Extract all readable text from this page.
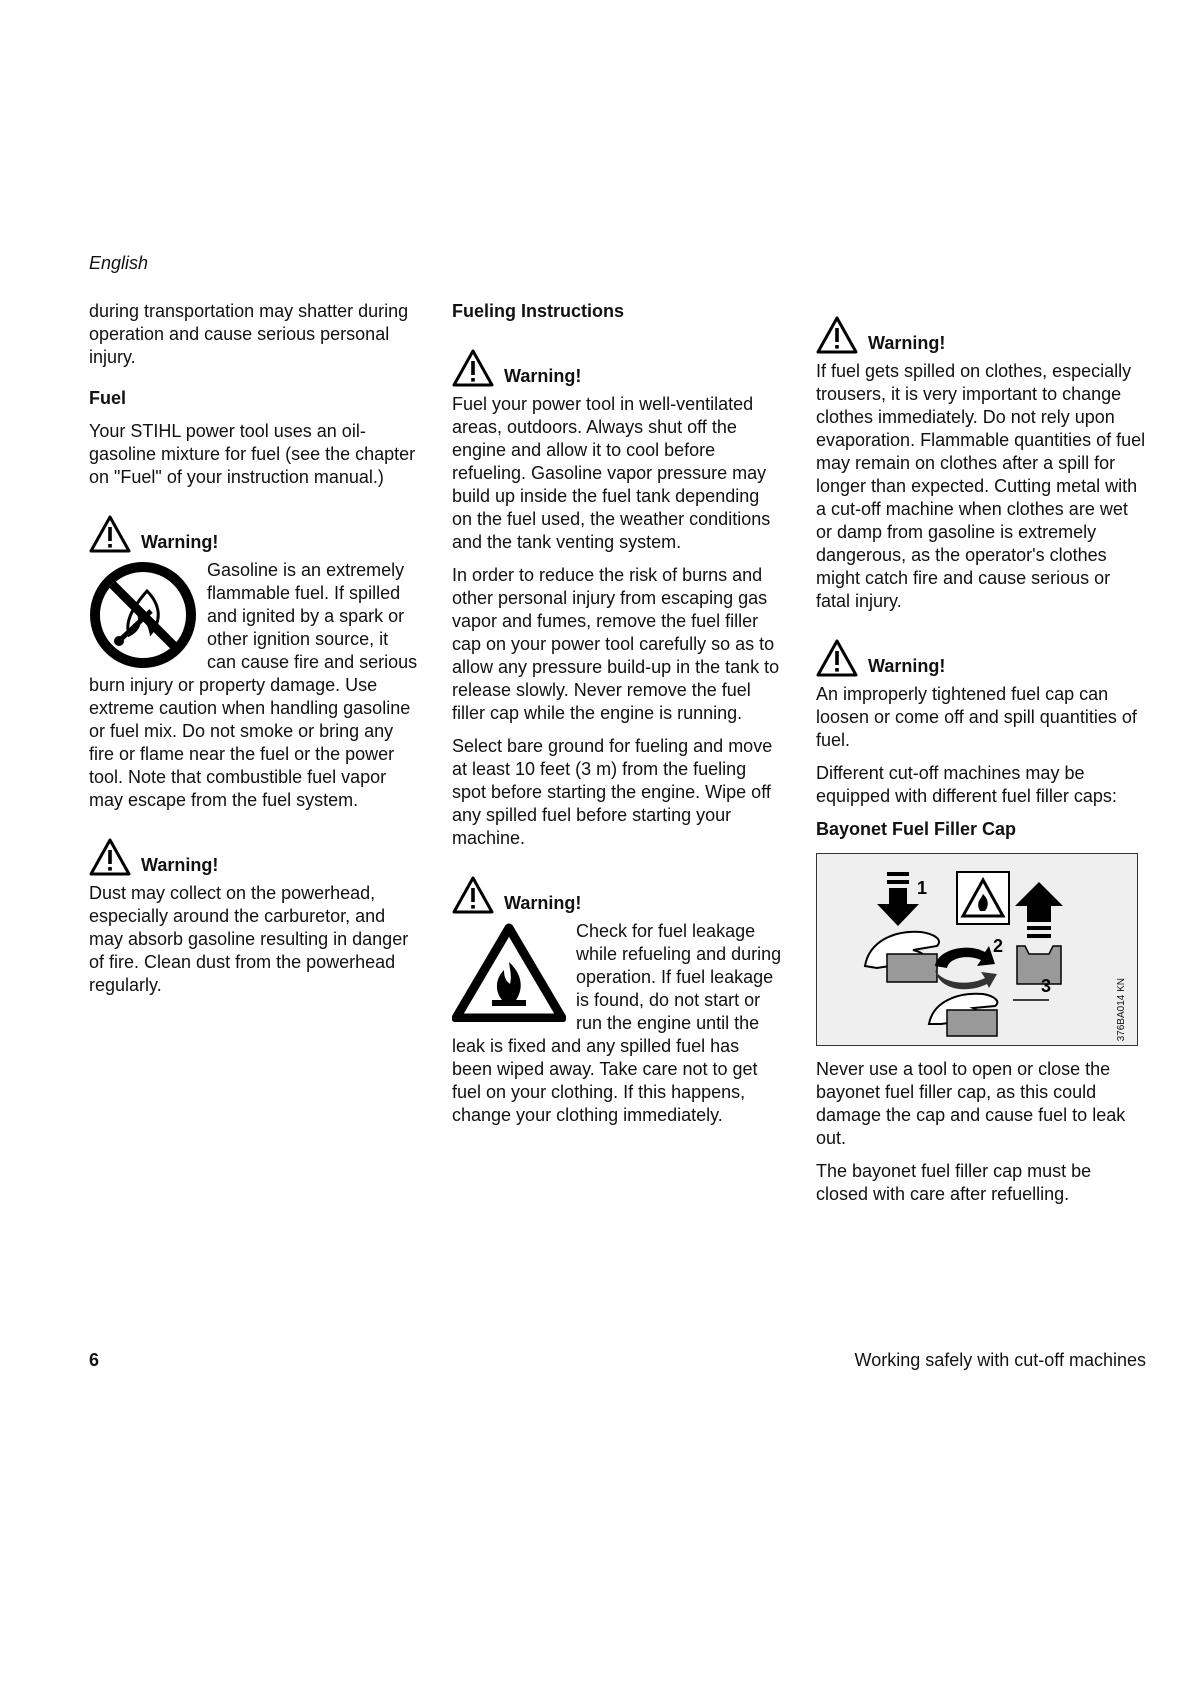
English

during transportation may shatter during operation and cause serious personal injury.

Fuel

Your STIHL power tool uses an oil-gasoline mixture for fuel (see the chapter on "Fuel" of your instruction manual.)

Warning!

Gasoline is an extremely flammable fuel. If spilled and ignited by a spark or other ignition source, it can cause fire and serious burn injury or property damage. Use extreme caution when handling gasoline or fuel mix. Do not smoke or bring any fire or flame near the fuel or the power tool. Note that combustible fuel vapor may escape from the fuel system.

Warning!

Dust may collect on the powerhead, especially around the carburetor, and may absorb gasoline resulting in danger of fire. Clean dust from the powerhead regularly.

Fueling Instructions
Warning!

Fuel your power tool in well-ventilated areas, outdoors. Always shut off the engine and allow it to cool before refueling. Gasoline vapor pressure may build up inside the fuel tank depending on the fuel used, the weather conditions and the tank venting system.

In order to reduce the risk of burns and other personal injury from escaping gas vapor and fumes, remove the fuel filler cap on your power tool carefully so as to allow any pressure build-up in the tank to release slowly. Never remove the fuel filler cap while the engine is running.

Select bare ground for fueling and move at least 10 feet (3 m) from the fueling spot before starting the engine. Wipe off any spilled fuel before starting your machine.

Warning!

Check for fuel leakage while refueling and during operation. If fuel leakage is found, do not start or run the engine until the leak is fixed and any spilled fuel has been wiped away. Take care not to get fuel on your clothing. If this happens, change your clothing immediately.

Warning!

If fuel gets spilled on clothes, especially trousers, it is very important to change clothes immediately. Do not rely upon evaporation. Flammable quantities of fuel may remain on clothes after a spill for longer than expected. Cutting metal with a cut-off machine when clothes are wet or damp from gasoline is extremely dangerous, as the operator's clothes might catch fire and cause serious or fatal injury.

Warning!

An improperly tightened fuel cap can loosen or come off and spill quantities of fuel.

Different cut-off machines may be equipped with different fuel filler caps:

Bayonet Fuel Filler Cap
1
2
3	376BA014 KN

Never use a tool to open or close the bayonet fuel filler cap, as this could damage the cap and cause fuel to leak out.

The bayonet fuel filler cap must be closed with care after refuelling.

6	Working safely with cut-off machines
